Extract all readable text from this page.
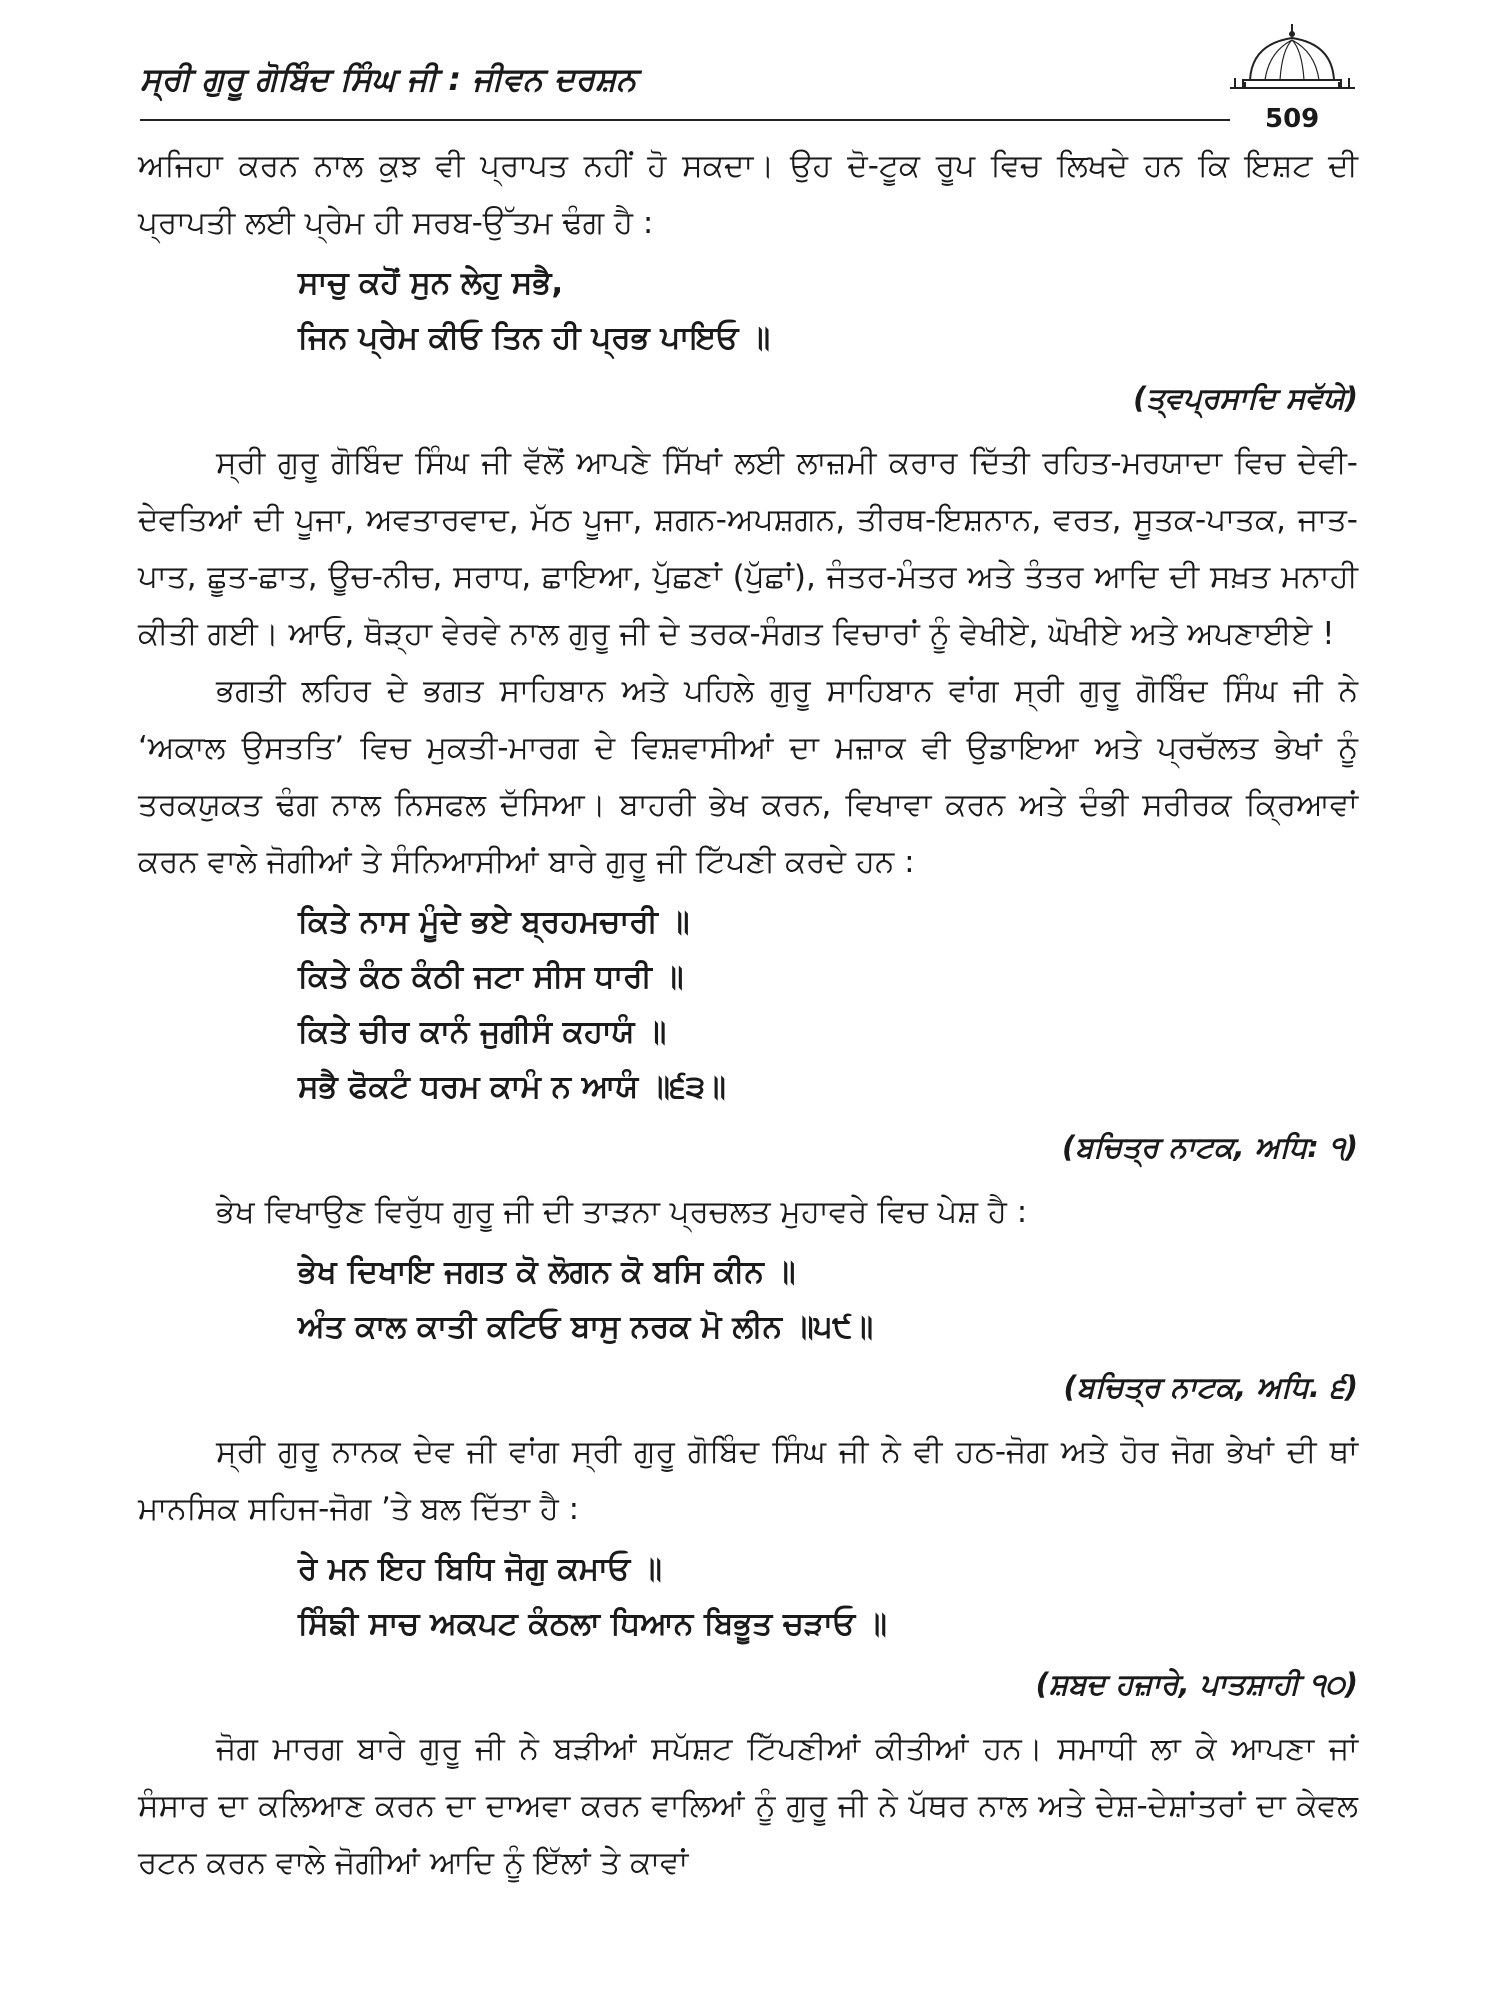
ਸ੍ਰੀ ਗੁਰੂ ਗੋਬਿੰਦ ਸਿੰਘ ਜੀ : ਜੀਵਨ ਦਰਸ਼ਨ
509

ਅਜਿਹਾ ਕਰਨ ਨਾਲ ਕੁਝ ਵੀ ਪ੍ਰਾਪਤ ਨਹੀਂ ਹੋ ਸਕਦਾ। ਉਹ ਦੋ-ਟੂਕ ਰੂਪ ਵਿਚ ਲਿਖਦੇ ਹਨ ਕਿ ਇਸ਼ਟ ਦੀ ਪ੍ਰਾਪਤੀ ਲਈ ਪ੍ਰੇਮ ਹੀ ਸਰਬ-ਉੱਤਮ ਢੰਗ ਹੈ :

ਸਾਚੁ ਕਹੋਂ ਸੁਨ ਲੇਹੁ ਸਭੈ,
ਜਿਨ ਪ੍ਰੇਮ ਕੀਓ ਤਿਨ ਹੀ ਪ੍ਰਭ ਪਾਇਓ ॥
(ਤ੍ਵਪ੍ਰਸਾਦਿ ਸਵੱਯੇ)

ਸ੍ਰੀ ਗੁਰੂ ਗੋਬਿੰਦ ਸਿੰਘ ਜੀ ਵੱਲੋਂ ਆਪਣੇ ਸਿੱਖਾਂ ਲਈ ਲਾਜ਼ਮੀ ਕਰਾਰ ਦਿੱਤੀ ਰਹਿਤ-ਮਰਯਾਦਾ ਵਿਚ ਦੇਵੀ-ਦੇਵਤਿਆਂ ਦੀ ਪੂਜਾ, ਅਵਤਾਰਵਾਦ, ਮੱਠ ਪੂਜਾ, ਸ਼ਗਨ-ਅਪਸ਼ਗਨ, ਤੀਰਥ-ਇਸ਼ਨਾਨ, ਵਰਤ, ਸੂਤਕ-ਪਾਤਕ, ਜਾਤ-ਪਾਤ, ਛੂਤ-ਛਾਤ, ਊਚ-ਨੀਚ, ਸਰਾਧ, ਛਾਇਆ, ਪੁੱਛਣਾਂ (ਪੁੱਛਾਂ), ਜੰਤਰ-ਮੰਤਰ ਅਤੇ ਤੰਤਰ ਆਦਿ ਦੀ ਸਖ਼ਤ ਮਨਾਹੀ ਕੀਤੀ ਗਈ। ਆਓ, ਥੋੜ੍ਹਾ ਵੇਰਵੇ ਨਾਲ ਗੁਰੂ ਜੀ ਦੇ ਤਰਕ-ਸੰਗਤ ਵਿਚਾਰਾਂ ਨੂੰ ਵੇਖੀਏ, ਘੋਖੀਏ ਅਤੇ ਅਪਣਾਈਏ !

ਭਗਤੀ ਲਹਿਰ ਦੇ ਭਗਤ ਸਾਹਿਬਾਨ ਅਤੇ ਪਹਿਲੇ ਗੁਰੂ ਸਾਹਿਬਾਨ ਵਾਂਗ ਸ੍ਰੀ ਗੁਰੂ ਗੋਬਿੰਦ ਸਿੰਘ ਜੀ ਨੇ ‘ਅਕਾਲ ਉਸਤਤਿ’ ਵਿਚ ਮੁਕਤੀ-ਮਾਰਗ ਦੇ ਵਿਸ਼ਵਾਸੀਆਂ ਦਾ ਮਜ਼ਾਕ ਵੀ ਉਡਾਇਆ ਅਤੇ ਪ੍ਰਚੱਲਤ ਭੇਖਾਂ ਨੂੰ ਤਰਕਯੁਕਤ ਢੰਗ ਨਾਲ ਨਿਸਫਲ ਦੱਸਿਆ। ਬਾਹਰੀ ਭੇਖ ਕਰਨ, ਵਿਖਾਵਾ ਕਰਨ ਅਤੇ ਦੰਭੀ ਸਰੀਰਕ ਕ੍ਰਿਆਵਾਂ ਕਰਨ ਵਾਲੇ ਜੋਗੀਆਂ ਤੇ ਸੰਨਿਆਸੀਆਂ ਬਾਰੇ ਗੁਰੂ ਜੀ ਟਿੱਪਣੀ ਕਰਦੇ ਹਨ :

ਕਿਤੇ ਨਾਸ ਮੂੰਦੇ ਭਏ ਬ੍ਰਹਮਚਾਰੀ ॥
ਕਿਤੇ ਕੰਠ ਕੰਠੀ ਜਟਾ ਸੀਸ ਧਾਰੀ ॥
ਕਿਤੇ ਚੀਰ ਕਾਨੰ ਜੁਗੀਸੰ ਕਹਾਯੰ ॥
ਸਭੈ ਫੋਕਟੰ ਧਰਮ ਕਾਮੰ ਨ ਆਯੰ ॥੬੩॥
(ਬਚਿਤ੍ਰ ਨਾਟਕ, ਅਧਿ: ੧)

ਭੇਖ ਵਿਖਾਉਣ ਵਿਰੁੱਧ ਗੁਰੂ ਜੀ ਦੀ ਤਾੜਨਾ ਪ੍ਰਚਲਤ ਮੁਹਾਵਰੇ ਵਿਚ ਪੇਸ਼ ਹੈ :

ਭੇਖ ਦਿਖਾਇ ਜਗਤ ਕੋ ਲੋਗਨ ਕੋ ਬਸਿ ਕੀਨ ॥
ਅੰਤ ਕਾਲ ਕਾਤੀ ਕਟਿਓ ਬਾਸੁ ਨਰਕ ਮੋ ਲੀਨ ॥੫੯॥
(ਬਚਿਤ੍ਰ ਨਾਟਕ, ਅਧਿ. ੬)

ਸ੍ਰੀ ਗੁਰੂ ਨਾਨਕ ਦੇਵ ਜੀ ਵਾਂਗ ਸ੍ਰੀ ਗੁਰੂ ਗੋਬਿੰਦ ਸਿੰਘ ਜੀ ਨੇ ਵੀ ਹਠ-ਜੋਗ ਅਤੇ ਹੋਰ ਜੋਗ ਭੇਖਾਂ ਦੀ ਥਾਂ ਮਾਨਸਿਕ ਸਹਿਜ-ਜੋਗ ’ਤੇ ਬਲ ਦਿੱਤਾ ਹੈ :

ਰੇ ਮਨ ਇਹ ਬਿਧਿ ਜੋਗੁ ਕਮਾਓ ॥
ਸਿੰਙੀ ਸਾਚ ਅਕਪਟ ਕੰਠਲਾ ਧਿਆਨ ਬਿਭੂਤ ਚੜਾਓ ॥
(ਸ਼ਬਦ ਹਜ਼ਾਰੇ, ਪਾਤਸ਼ਾਹੀ ੧੦)

ਜੋਗ ਮਾਰਗ ਬਾਰੇ ਗੁਰੂ ਜੀ ਨੇ ਬੜੀਆਂ ਸਪੱਸ਼ਟ ਟਿੱਪਣੀਆਂ ਕੀਤੀਆਂ ਹਨ। ਸਮਾਧੀ ਲਾ ਕੇ ਆਪਣਾ ਜਾਂ ਸੰਸਾਰ ਦਾ ਕਲਿਆਣ ਕਰਨ ਦਾ ਦਾਅਵਾ ਕਰਨ ਵਾਲਿਆਂ ਨੂੰ ਗੁਰੂ ਜੀ ਨੇ ਪੱਥਰ ਨਾਲ ਅਤੇ ਦੇਸ਼-ਦੇਸ਼ਾਂਤਰਾਂ ਦਾ ਕੇਵਲ ਰਟਨ ਕਰਨ ਵਾਲੇ ਜੋਗੀਆਂ ਆਦਿ ਨੂੰ ਇੱਲਾਂ ਤੇ ਕਾਵਾਂ
